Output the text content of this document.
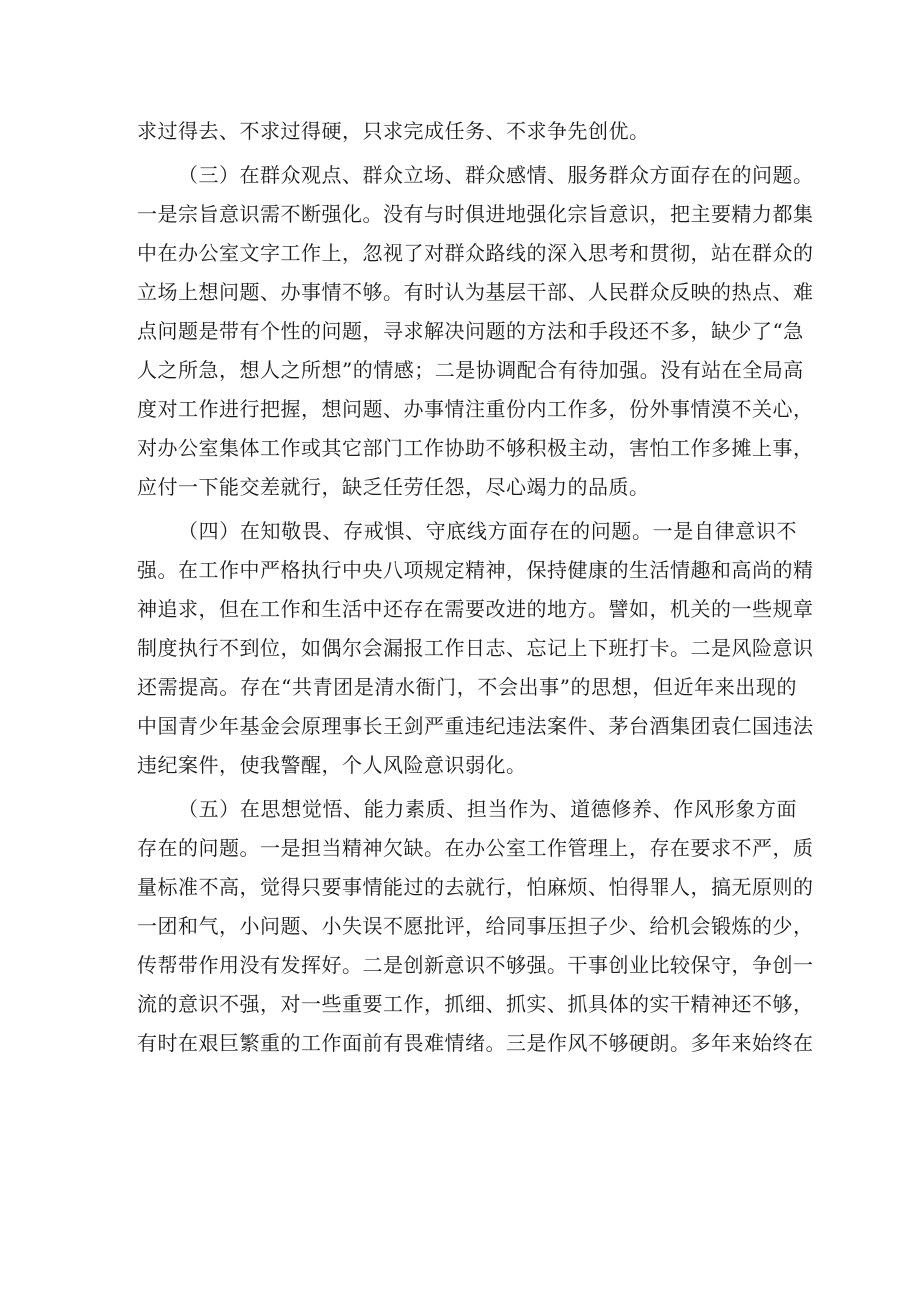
求过得去、不求过得硬，只求完成任务、不求争先创优。
（三）在群众观点、群众立场、群众感情、服务群众方面存在的问题。
一是宗旨意识需不断强化。没有与时俱进地强化宗旨意识，把主要精力都集
中在办公室文字工作上，忽视了对群众路线的深入思考和贯彻，站在群众的
立场上想问题、办事情不够。有时认为基层干部、人民群众反映的热点、难
点问题是带有个性的问题，寻求解决问题的方法和手段还不多，缺少了“急
人之所急，想人之所想”的情感；二是协调配合有待加强。没有站在全局高
度对工作进行把握，想问题、办事情注重份内工作多，份外事情漠不关心，
对办公室集体工作或其它部门工作协助不够积极主动，害怕工作多摊上事，
应付一下能交差就行，缺乏任劳任怨，尽心竭力的品质。
（四）在知敬畏、存戒惧、守底线方面存在的问题。一是自律意识不
强。在工作中严格执行中央八项规定精神，保持健康的生活情趣和高尚的精
神追求，但在工作和生活中还存在需要改进的地方。譬如，机关的一些规章
制度执行不到位，如偶尔会漏报工作日志、忘记上下班打卡。二是风险意识
还需提高。存在“共青团是清水衙门，不会出事”的思想，但近年来出现的
中国青少年基金会原理事长王剑严重违纪违法案件、茅台酒集团袁仁国违法
违纪案件，使我警醒，个人风险意识弱化。
（五）在思想觉悟、能力素质、担当作为、道德修养、作风形象方面
存在的问题。一是担当精神欠缺。在办公室工作管理上，存在要求不严，质
量标准不高，觉得只要事情能过的去就行，怕麻烦、怕得罪人，搞无原则的
一团和气，小问题、小失误不愿批评，给同事压担子少、给机会锻炼的少，
传帮带作用没有发挥好。二是创新意识不够强。干事创业比较保守，争创一
流的意识不强，对一些重要工作，抓细、抓实、抓具体的实干精神还不够，
有时在艰巨繁重的工作面前有畏难情绪。三是作风不够硬朗。多年来始终在
